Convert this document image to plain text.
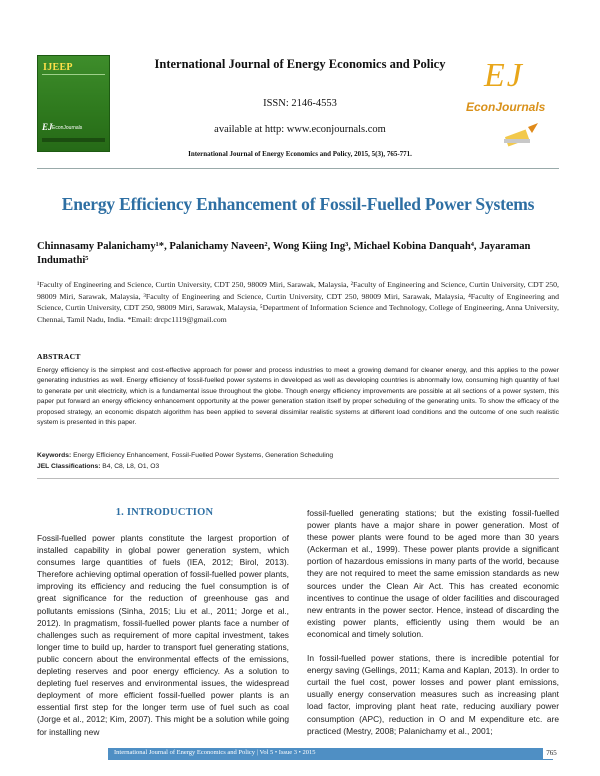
IJEEP
EJ EconJournals
International Journal of Energy Economics and Policy
ISSN: 2146-4553
available at http: www.econjournals.com
International Journal of Energy Economics and Policy, 2015, 5(3), 765-771.
EJ
EconJournals
Energy Efficiency Enhancement of Fossil-Fuelled Power Systems
Chinnasamy Palanichamy¹*, Palanichamy Naveen², Wong Kiing Ing³, Michael Kobina Danquah⁴, Jayaraman Indumathi⁵
¹Faculty of Engineering and Science, Curtin University, CDT 250, 98009 Miri, Sarawak, Malaysia, ²Faculty of Engineering and Science, Curtin University, CDT 250, 98009 Miri, Sarawak, Malaysia, ³Faculty of Engineering and Science, Curtin University, CDT 250, 98009 Miri, Sarawak, Malaysia, ⁴Faculty of Engineering and Science, Curtin University, CDT 250, 98009 Miri, Sarawak, Malaysia, ⁵Department of Information Science and Technology, College of Engineering, Anna University, Chennai, Tamil Nadu, India. *Email: drcpc1119@gmail.com
ABSTRACT
Energy efficiency is the simplest and cost-effective approach for power and process industries to meet a growing demand for cleaner energy, and this applies to the power generating industries as well. Energy efficiency of fossil-fuelled power systems in developed as well as developing countries is abnormally low, consuming high quantity of fuel to generate per unit electricity, which is a fundamental issue throughout the globe. Though energy efficiency improvements are possible at all sections of a power system, this paper put forward an energy efficiency enhancement opportunity at the power generation station itself by proper scheduling of the generating units. To show the efficacy of the proposed strategy, an economic dispatch algorithm has been applied to several dissimilar realistic systems at different load conditions and the outcome of one such realistic system is presented in this paper.
Keywords: Energy Efficiency Enhancement, Fossil-Fuelled Power Systems, Generation Scheduling
JEL Classifications: B4, C8, L8, O1, O3
1. INTRODUCTION

Fossil-fuelled power plants constitute the largest proportion of installed capability in global power generation system, which consumes large quantities of fuels (IEA, 2012; Birol, 2013). Therefore achieving optimal operation of fossil-fuelled power plants, improving its efficiency and reducing the fuel consumption is of great significance for the reduction of greenhouse gas and pollutants emissions (Sinha, 2015; Liu et al., 2011; Jorge et al., 2012). In pragmatism, fossil-fuelled power plants face a number of challenges such as requirement of more capital investment, takes longer time to build up, harder to transport fuel generating stations, public concern about the environmental effects of the emissions, depleting reserves and poor energy efficiency. As a solution to depleting fuel reserves and environmental issues, the widespread deployment of more efficient fossil-fuelled power plants is an essential first step for the longer term use of fuel such as coal (Jorge et al., 2012; Kim, 2007). This might be a solution while going for installing new

fossil-fuelled generating stations; but the existing fossil-fuelled power plants have a major share in power generation. Most of these power plants were found to be aged more than 30 years (Ackerman et al., 1999). These power plants provide a significant portion of hazardous emissions in many parts of the world, because they are not required to meet the same emission standards as new sources under the Clean Air Act. This has created economic incentives to continue the usage of older facilities and discouraged new entrants in the power sector. Hence, instead of discarding the existing power plants, efficiently using them would be an economical and timely solution.

In fossil-fuelled power stations, there is incredible potential for energy saving (Gellings, 2011; Kama and Kaplan, 2013). In order to curtail the fuel cost, power losses and power plant emissions, usually energy conservation measures such as increasing plant load factor, improving plant heat rate, reducing auxiliary power consumption (APC), reduction in O and M expenditure etc. are practiced (Mestry, 2008; Palanichamy et al., 2001;

International Journal of Energy Economics and Policy | Vol 5 • Issue 3 • 2015	765
